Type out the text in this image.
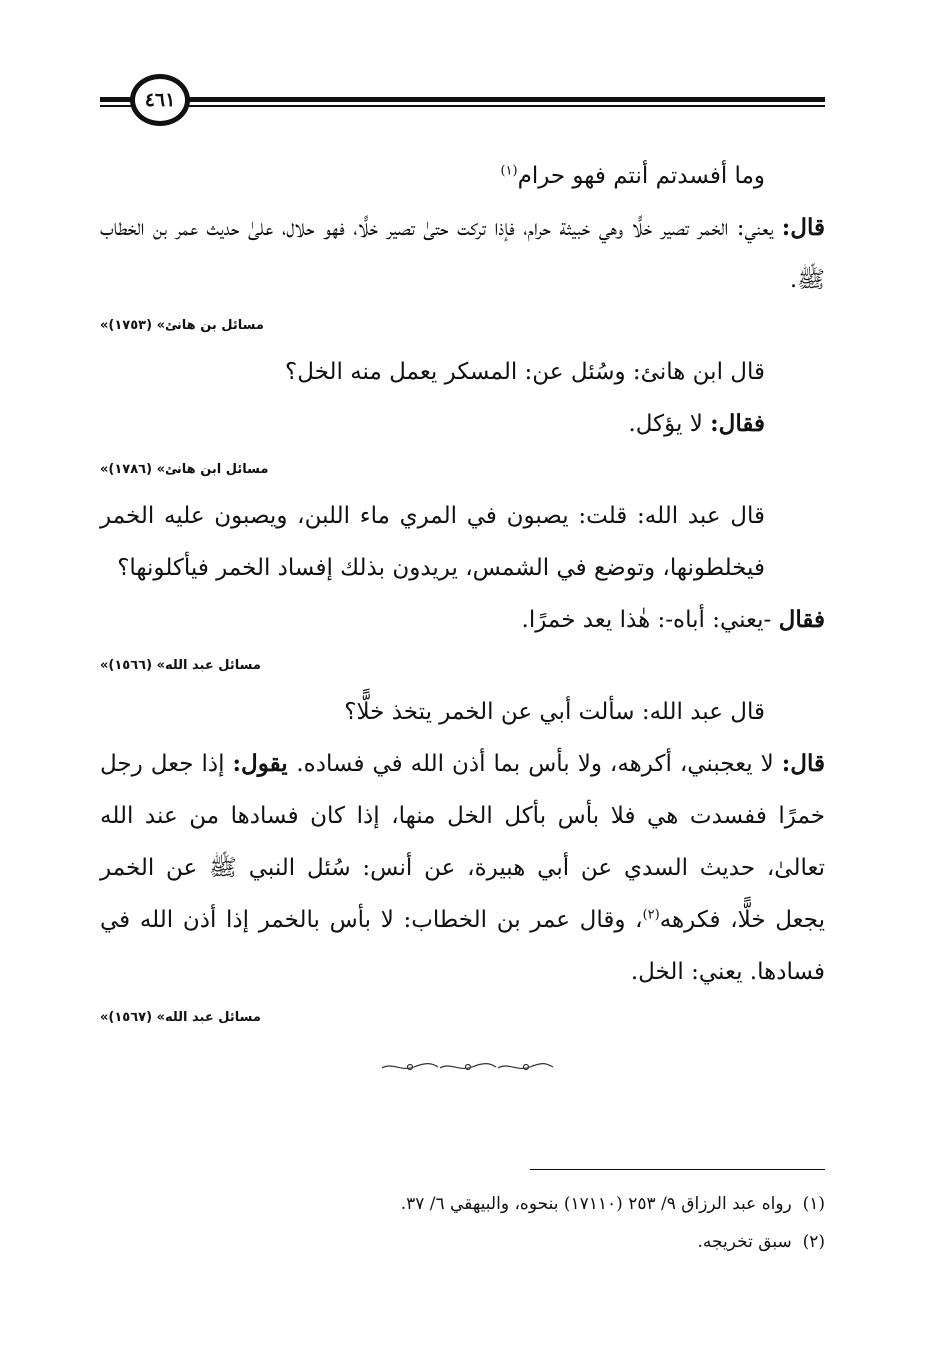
٤٦١

وما أفسدتم أنتم فهو حرام$^{(١)}$

قال: يعني: الخمر تصير خلًّا وهي خبيثة حرام، فإذا تركت حتىٰ تصير خلًّا، فهو حلال، علىٰ حديث عمر بن الخطاب ﷺ.

«مسائل بن هانئ» (١٧٥٣)

قال ابن هانئ: وسُئل عن: المسكر يعمل منه الخل؟

فقال: لا يؤكل.

«مسائل ابن هانئ» (١٧٨٦)

قال عبد الله: قلت: يصبون في المري ماء اللبن، ويصبون عليه الخمر فيخلطونها، وتوضع في الشمس، يريدون بذلك إفساد الخمر فيأكلونها؟

فقال -يعني: أباه-: هٰذا يعد خمرًا.

«مسائل عبد الله» (١٥٦٦)

قال عبد الله: سألت أبي عن الخمر يتخذ خلًّا؟

قال: لا يعجبني، أكرهه، ولا بأس بما أذن الله في فساده. يقول: إذا جعل رجل خمرًا ففسدت هي فلا بأس بأكل الخل منها، إذا كان فسادها من عند الله تعالىٰ، حديث السدي عن أبي هبيرة، عن أنس: سُئل النبي ﷺ عن الخمر يجعل خلًّا، فكرهه$^{(٢)}$، وقال عمر بن الخطاب: لا بأس بالخمر إذا أذن الله في فسادها. يعني: الخل.

«مسائل عبد الله» (١٥٦٧)

(١)  رواه عبد الرزاق ٩/ ٢٥٣ (١٧١١٠) بنحوه، والبيهقي ٦/ ٣٧.

(٢)  سبق تخريجه.
